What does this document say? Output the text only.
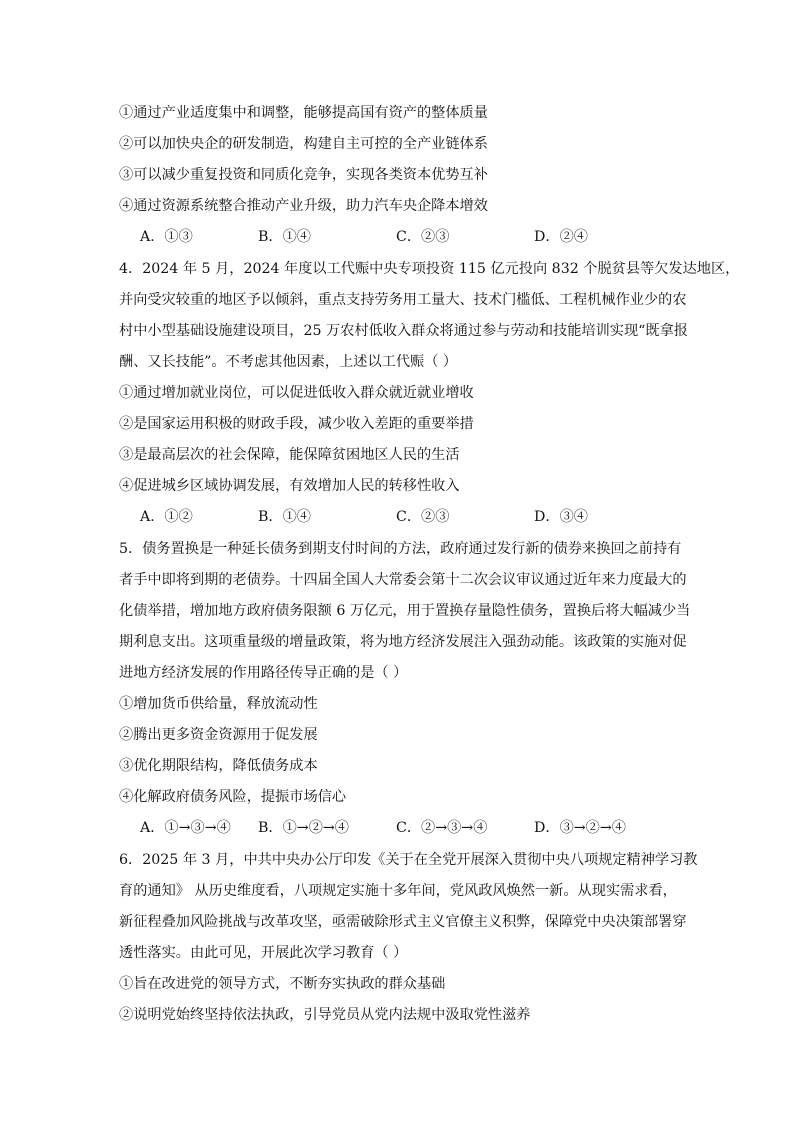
①通过产业适度集中和调整，能够提高国有资产的整体质量
②可以加快央企的研发制造，构建自主可控的全产业链体系
③可以减少重复投资和同质化竞争，实现各类资本优势互补
④通过资源系统整合推动产业升级，助力汽车央企降本增效
A．①③	B．①④	C．②③	D．②④
4．2024 年 5 月，2024 年度以工代赈中央专项投资 115 亿元投向 832 个脱贫县等欠发达地区，
并向受灾较重的地区予以倾斜，重点支持劳务用工量大、技术门槛低、工程机械作业少的农
村中小型基础设施建设项目，25 万农村低收入群众将通过参与劳动和技能培训实现“既拿报
酬、又长技能”。不考虑其他因素，上述以工代赈（ ）
①通过增加就业岗位，可以促进低收入群众就近就业增收
②是国家运用积极的财政手段，减少收入差距的重要举措
③是最高层次的社会保障，能保障贫困地区人民的生活
④促进城乡区域协调发展，有效增加人民的转移性收入
A．①②	B．①④	C．②③	D．③④
5．债务置换是一种延长债务到期支付时间的方法，政府通过发行新的债券来换回之前持有
者手中即将到期的老债券。十四届全国人大常委会第十二次会议审议通过近年来力度最大的
化债举措，增加地方政府债务限额 6 万亿元，用于置换存量隐性债务，置换后将大幅减少当
期利息支出。这项重量级的增量政策，将为地方经济发展注入强劲动能。该政策的实施对促
进地方经济发展的作用路径传导正确的是（ ）
①增加货币供给量，释放流动性
②腾出更多资金资源用于促发展
③优化期限结构，降低债务成本
④化解政府债务风险，提振市场信心
A．①→③→④ B．①→②→④	C．②→③→④	D．③→②→④
6．2025 年 3 月，中共中央办公厅印发《关于在全党开展深入贯彻中央八项规定精神学习教
育的通知》 从历史维度看，八项规定实施十多年间，党风政风焕然一新。从现实需求看，
新征程叠加风险挑战与改革攻坚，亟需破除形式主义官僚主义积弊，保障党中央决策部署穿
透性落实。由此可见，开展此次学习教育（ ）
①旨在改进党的领导方式，不断夯实执政的群众基础
②说明党始终坚持依法执政，引导党员从党内法规中汲取党性滋养
